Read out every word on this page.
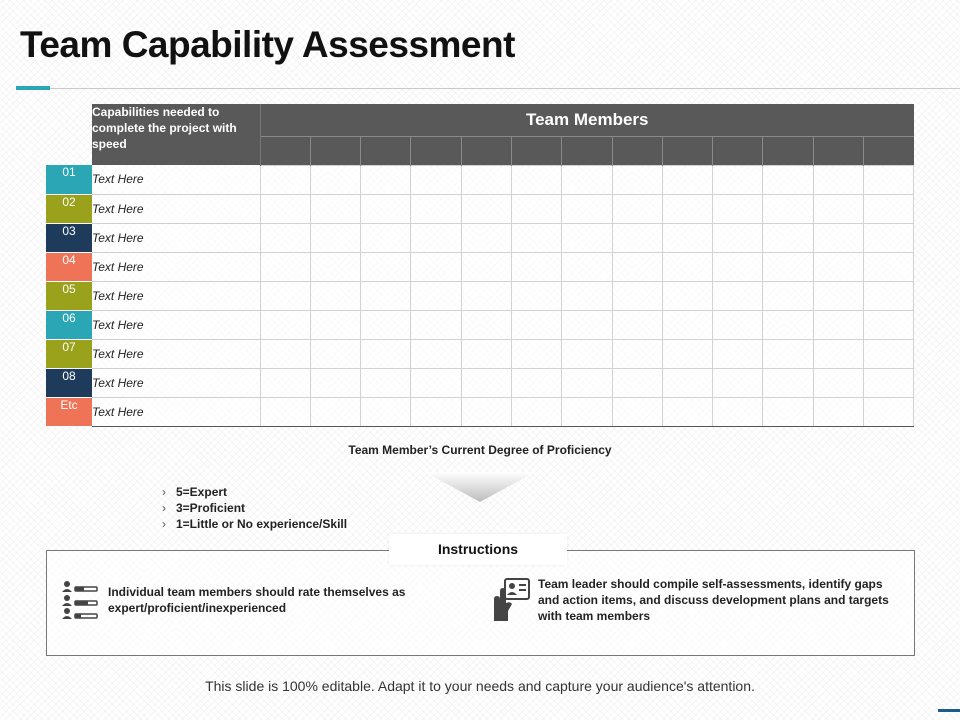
Team Capability Assessment
	Capabilities needed to complete the project with speed	Team Members												

01	Text Here													
02	Text Here													
03	Text Here													
04	Text Here													
05	Text Here													
06	Text Here													
07	Text Here													
08	Text Here													
Etc	Text Here													
Team Member’s Current Degree of Proficiency
› 5=Expert
› 3=Proficient
› 1=Little or No experience/Skill
Instructions
Individual team members should rate themselves as expert/proficient/inexperienced
Team leader should compile self-assessments, identify gaps and action items, and discuss development plans and targets with team members
This slide is 100% editable. Adapt it to your needs and capture your audience's attention.
